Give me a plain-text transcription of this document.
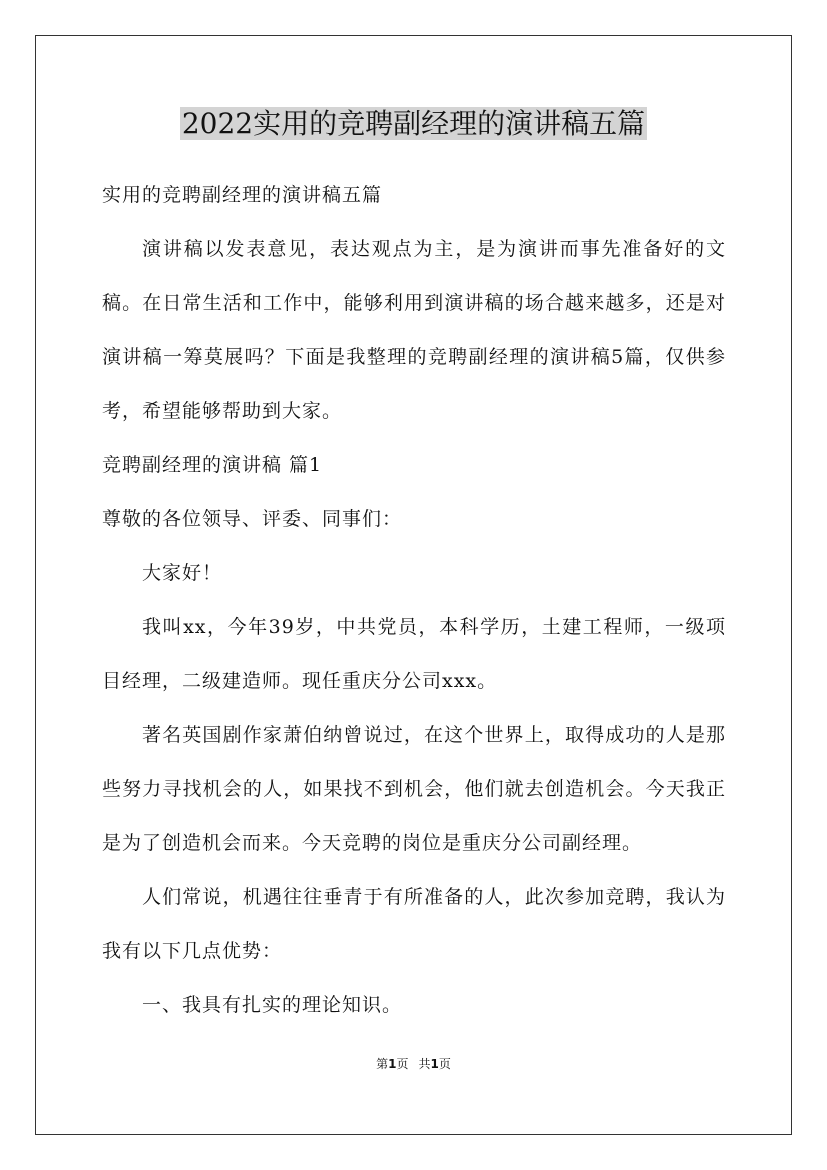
2022实用的竞聘副经理的演讲稿五篇

实用的竞聘副经理的演讲稿五篇

演讲稿以发表意见，表达观点为主，是为演讲而事先准备好的文稿。在日常生活和工作中，能够利用到演讲稿的场合越来越多，还是对演讲稿一筹莫展吗？下面是我整理的竞聘副经理的演讲稿5篇，仅供参考，希望能够帮助到大家。

竞聘副经理的演讲稿 篇1

尊敬的各位领导、评委、同事们：

大家好！

我叫xx，今年39岁，中共党员，本科学历，土建工程师，一级项目经理，二级建造师。现任重庆分公司xxx。

著名英国剧作家萧伯纳曾说过，在这个世界上，取得成功的人是那些努力寻找机会的人，如果找不到机会，他们就去创造机会。今天我正是为了创造机会而来。今天竞聘的岗位是重庆分公司副经理。

人们常说，机遇往往垂青于有所准备的人，此次参加竞聘，我认为我有以下几点优势：

一、我具有扎实的理论知识。

第1页 共1页
